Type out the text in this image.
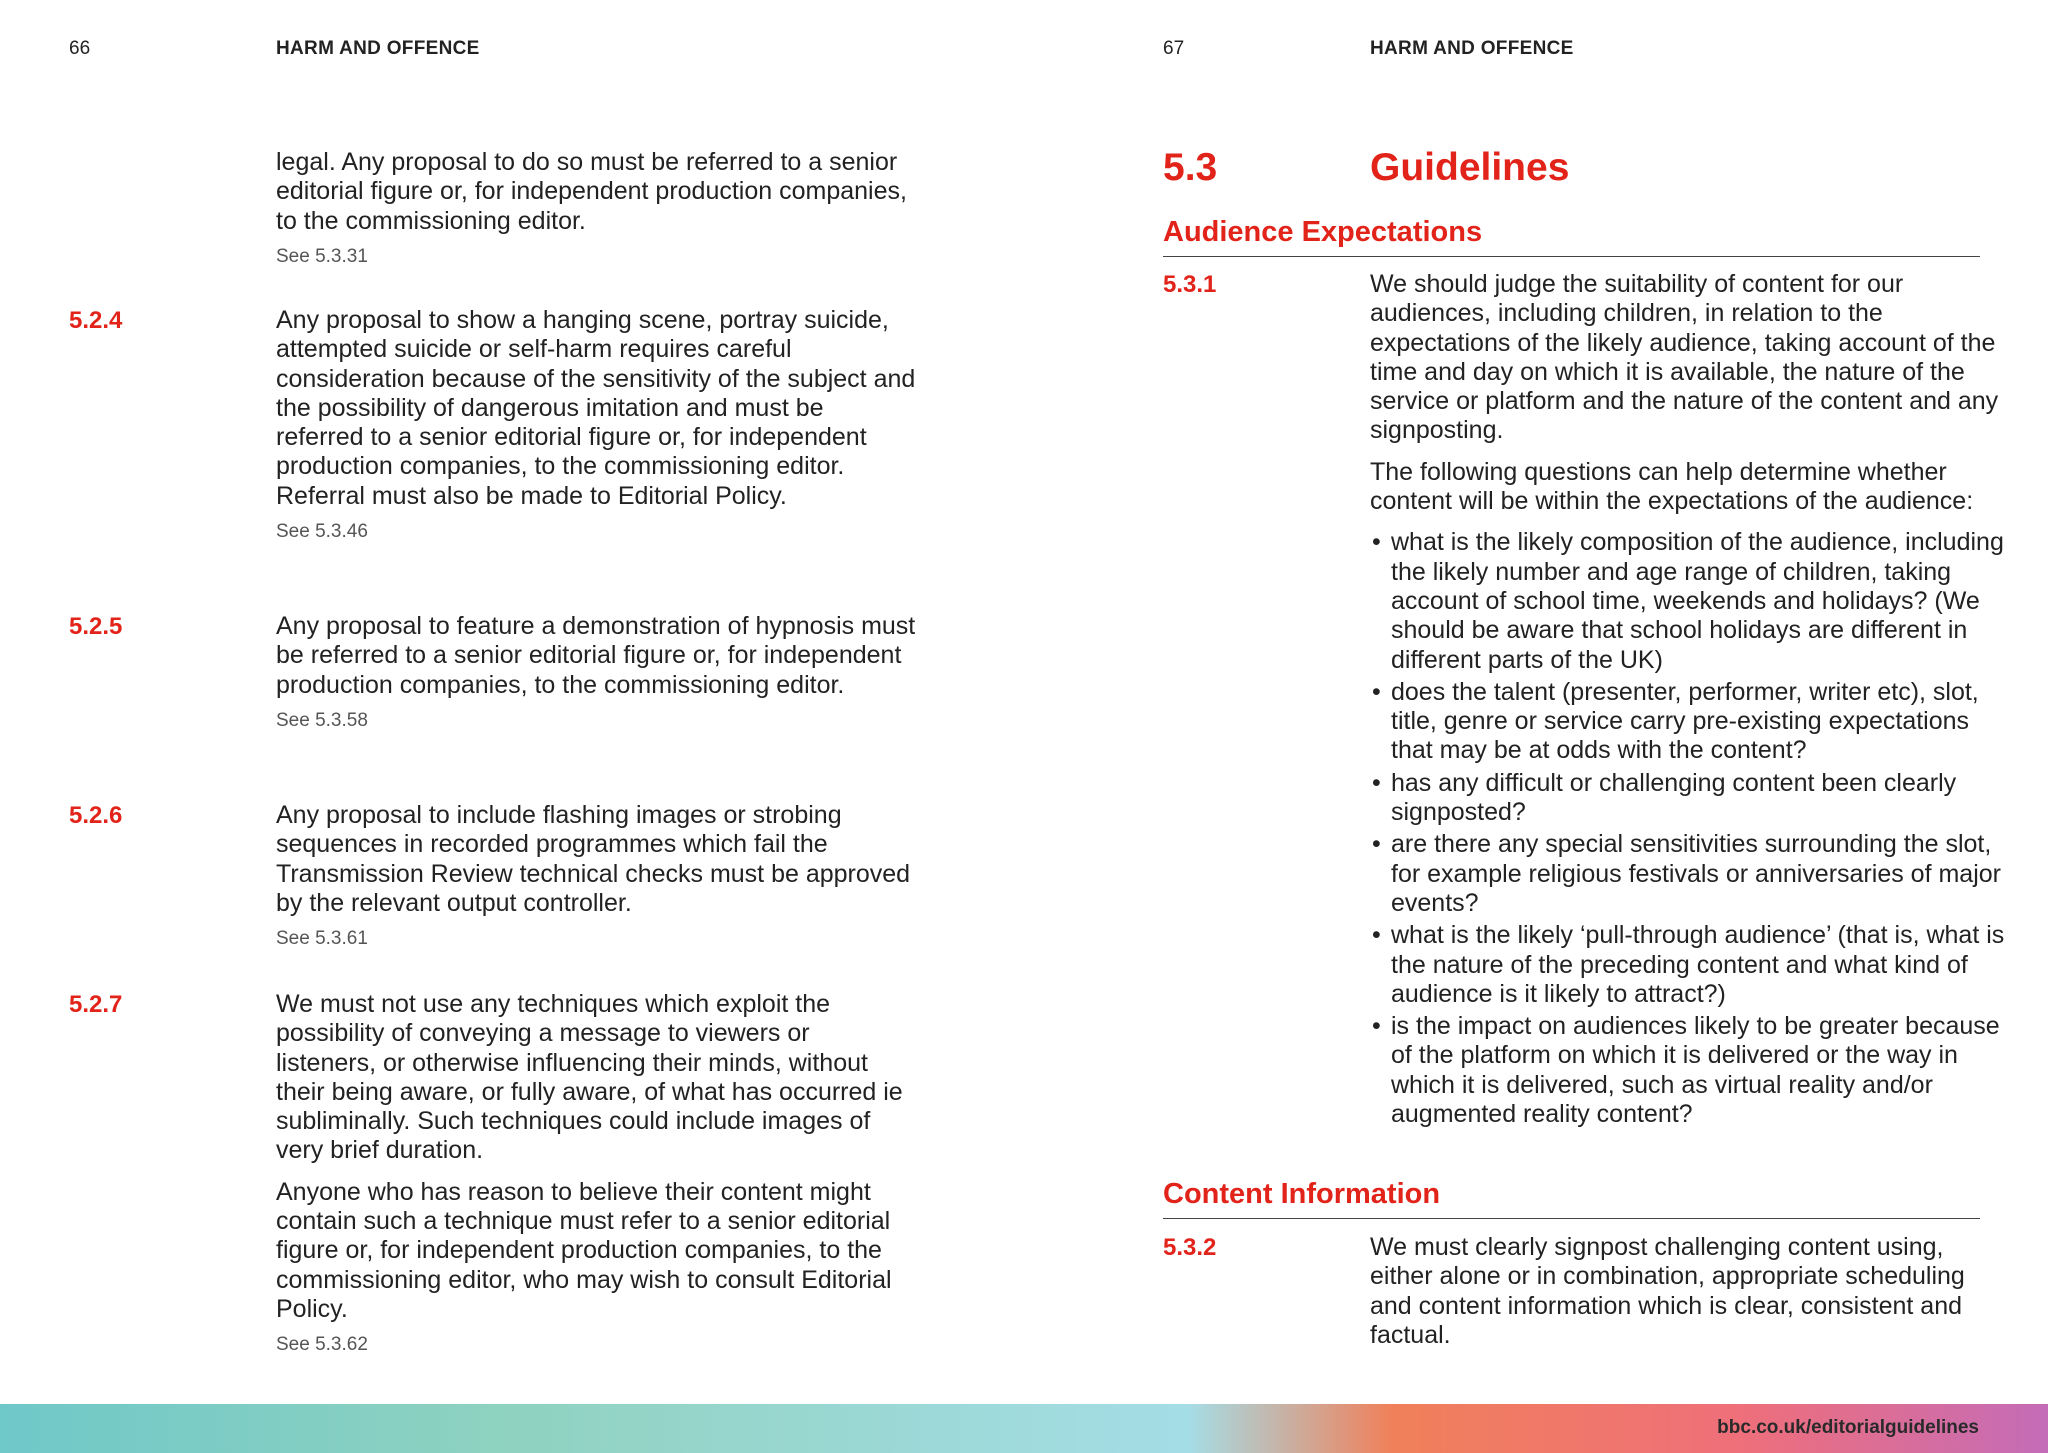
66	HARM AND OFFENCE

legal. Any proposal to do so must be referred to a senior editorial figure or, for independent production companies, to the commissioning editor.

See 5.3.31
5.2.4	Any proposal to show a hanging scene, portray suicide, attempted suicide or self-harm requires careful consideration because of the sensitivity of the subject and the possibility of dangerous imitation and must be referred to a senior editorial figure or, for independent production companies, to the commissioning editor. Referral must also be made to Editorial Policy.

See 5.3.46
5.2.5	Any proposal to feature a demonstration of hypnosis must be referred to a senior editorial figure or, for independent production companies, to the commissioning editor.

See 5.3.58
5.2.6	Any proposal to include flashing images or strobing sequences in recorded programmes which fail the Transmission Review technical checks must be approved by the relevant output controller.

See 5.3.61
5.2.7	We must not use any techniques which exploit the possibility of conveying a message to viewers or listeners, or otherwise influencing their minds, without their being aware, or fully aware, of what has occurred ie subliminally. Such techniques could include images of very brief duration.

Anyone who has reason to believe their content might contain such a technique must refer to a senior editorial figure or, for independent production companies, to the commissioning editor, who may wish to consult Editorial Policy.

See 5.3.62
67	HARM AND OFFENCE
5.3	Guidelines
Audience Expectations
5.3.1	We should judge the suitability of content for our audiences, including children, in relation to the expectations of the likely audience, taking account of the time and day on which it is available, the nature of the service or platform and the nature of the content and any signposting.

The following questions can help determine whether content will be within the expectations of the audience:

• what is the likely composition of the audience, including the likely number and age range of children, taking account of school time, weekends and holidays? (We should be aware that school holidays are different in different parts of the UK)
• does the talent (presenter, performer, writer etc), slot, title, genre or service carry pre-existing expectations that may be at odds with the content?
• has any difficult or challenging content been clearly signposted?
• are there any special sensitivities surrounding the slot, for example religious festivals or anniversaries of major events?
• what is the likely ‘pull-through audience’ (that is, what is the nature of the preceding content and what kind of audience is it likely to attract?)
• is the impact on audiences likely to be greater because of the platform on which it is delivered or the way in which it is delivered, such as virtual reality and/or augmented reality content?
Content Information
5.3.2	We must clearly signpost challenging content using, either alone or in combination, appropriate scheduling and content information which is clear, consistent and factual.

bbc.co.uk/editorialguidelines
